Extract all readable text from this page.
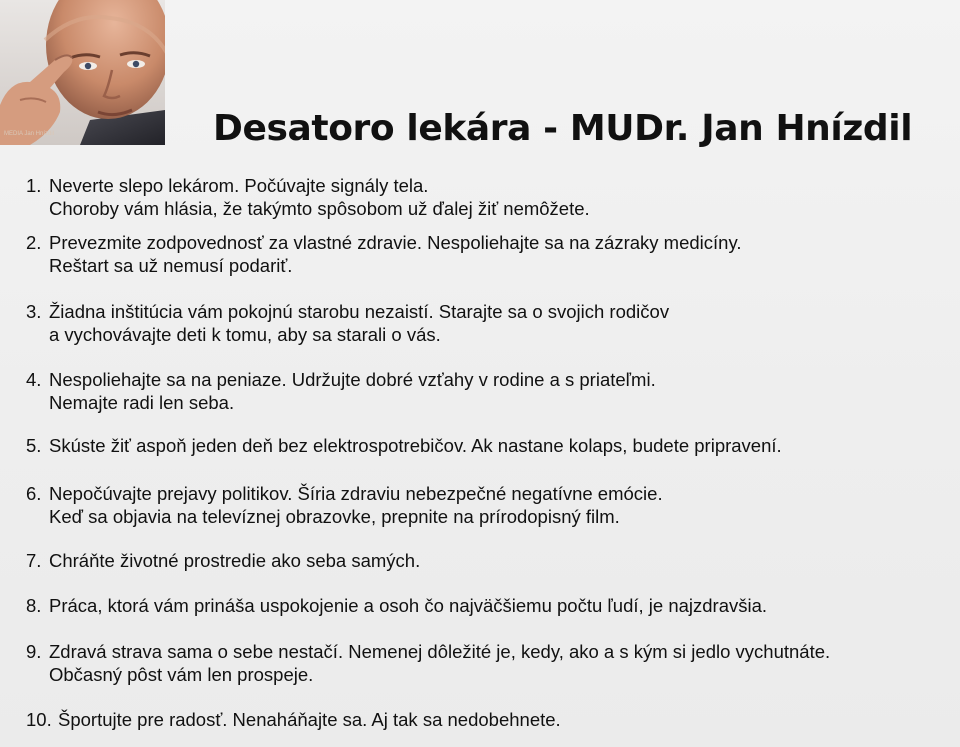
MEDIA Jan Hnízdil	Desatoro lekára - MUDr. Jan Hnízdil
1. Neverte slepo lekárom. Počúvajte signály tela.
Choroby vám hlásia, že takýmto spôsobom už ďalej žiť nemôžete.
2. Prevezmite zodpovednosť za vlastné zdravie. Nespoliehajte sa na zázraky medicíny.
Reštart sa už nemusí podariť.
3. Žiadna inštitúcia vám pokojnú starobu nezaistí. Starajte sa o svojich rodičov
a vychovávajte deti k tomu, aby sa starali o vás.
4. Nespoliehajte sa na peniaze. Udržujte dobré vzťahy v rodine a s priateľmi.
Nemajte radi len seba.
5. Skúste žiť aspoň jeden deň bez elektrospotrebičov. Ak nastane kolaps, budete pripravení.
6. Nepočúvajte prejavy politikov. Šíria zdraviu nebezpečné negatívne emócie.
Keď sa objavia na televíznej obrazovke, prepnite na prírodopisný film.
7. Chráňte životné prostredie ako seba samých.
8. Práca, ktorá vám prináša uspokojenie a osoh čo najväčšiemu počtu ľudí, je najzdravšia.
9. Zdravá strava sama o sebe nestačí. Nemenej dôležité je, kedy, ako a s kým si jedlo vychutnáte.
Občasný pôst vám len prospeje.
10. Športujte pre radosť. Nenaháňajte sa. Aj tak sa nedobehnete.
